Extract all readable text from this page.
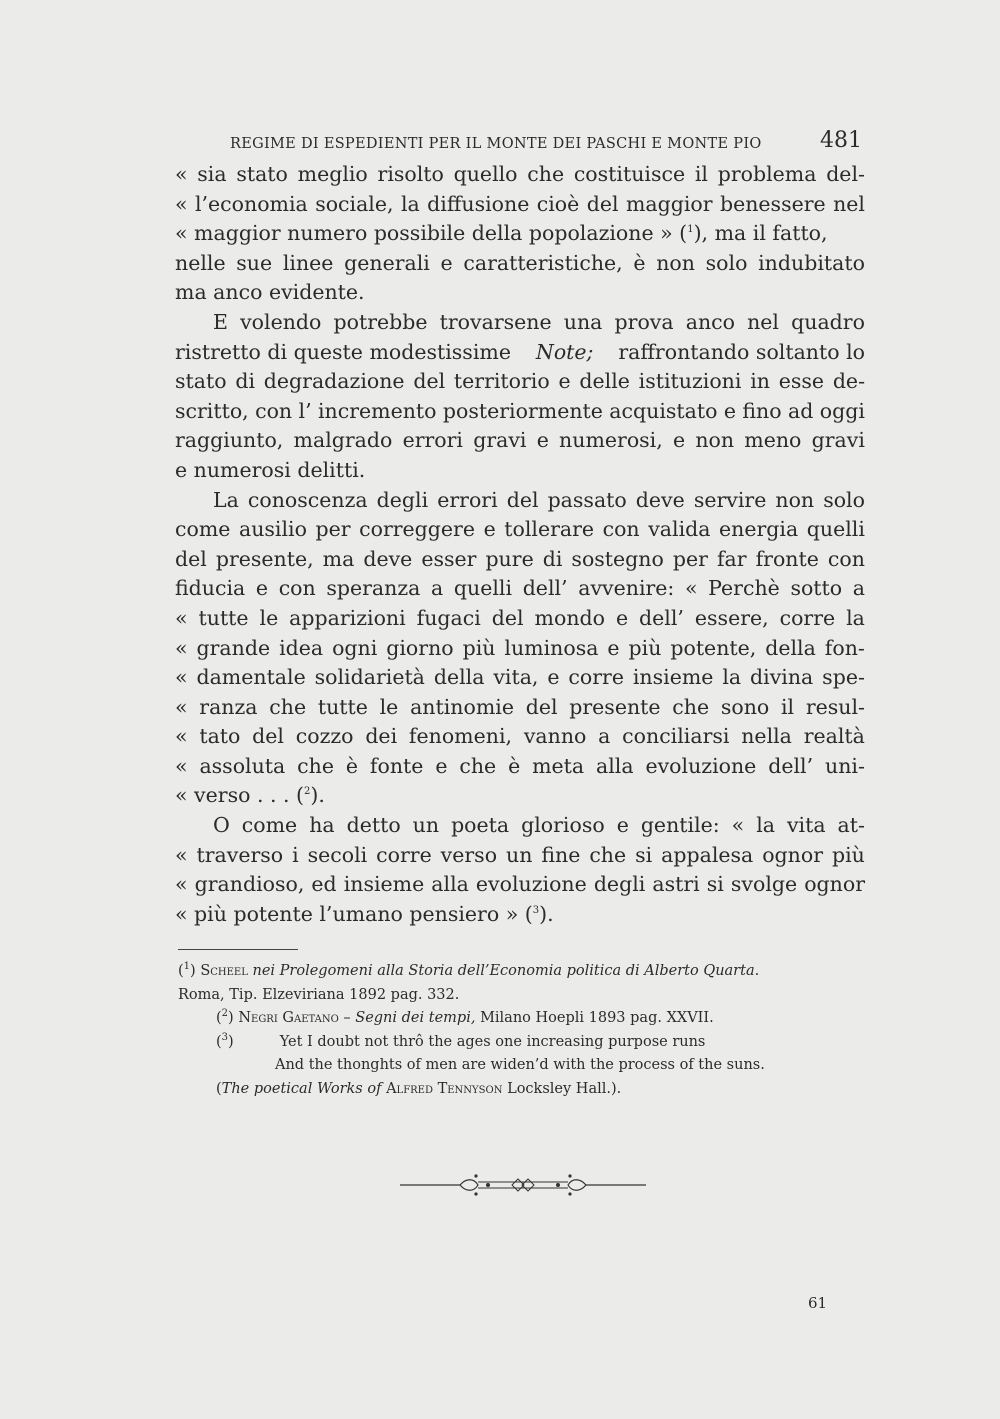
REGIME DI ESPEDIENTI PER IL MONTE DEI PASCHI E MONTE PIO	481
« sia stato meglio risolto quello che costituisce il problema del-
« l’economia sociale, la diffusione cioè del maggior benessere nel
« maggior numero possibile della popolazione » ($^1$), ma il fatto,
nelle sue linee generali e caratteristiche, è non solo indubitato
ma anco evidente.
E volendo potrebbe trovarsene una prova anco nel quadro
ristretto di queste modestissime Note; raffrontando soltanto lo
stato di degradazione del territorio e delle istituzioni in esse de-
scritto, con l’ incremento posteriormente acquistato e fino ad oggi
raggiunto, malgrado errori gravi e numerosi, e non meno gravi
e numerosi delitti.
La conoscenza degli errori del passato deve servire non solo
come ausilio per correggere e tollerare con valida energia quelli
del presente, ma deve esser pure di sostegno per far fronte con
fiducia e con speranza a quelli dell’ avvenire: « Perchè sotto a
« tutte le apparizioni fugaci del mondo e dell’ essere, corre la
« grande idea ogni giorno più luminosa e più potente, della fon-
« damentale solidarietà della vita, e corre insieme la divina spe-
« ranza che tutte le antinomie del presente che sono il resul-
« tato del cozzo dei fenomeni, vanno a conciliarsi nella realtà
« assoluta che è fonte e che è meta alla evoluzione dell’ uni-
« verso . . . ($^2$).
O come ha detto un poeta glorioso e gentile: « la vita at-
« traverso i secoli corre verso un fine che si appalesa ognor più
« grandioso, ed insieme alla evoluzione degli astri si svolge ognor
« più potente l’umano pensiero » ($^3$).
($^1$) Scheel nei Prolegomeni alla Storia dell’Economia politica di Alberto Quarta.
Roma, Tip. Elzeviriana 1892 pag. 332.
($^2$) Negri Gaetano – Segni dei tempi, Milano Hoepli 1893 pag. XXVII.
($^3$)	Yet I doubt not thrô the ages one increasing purpose runs
And the thonghts of men are widen’d with the process of the suns.
(The poetical Works of Alfred Tennyson Locksley Hall.).
61
